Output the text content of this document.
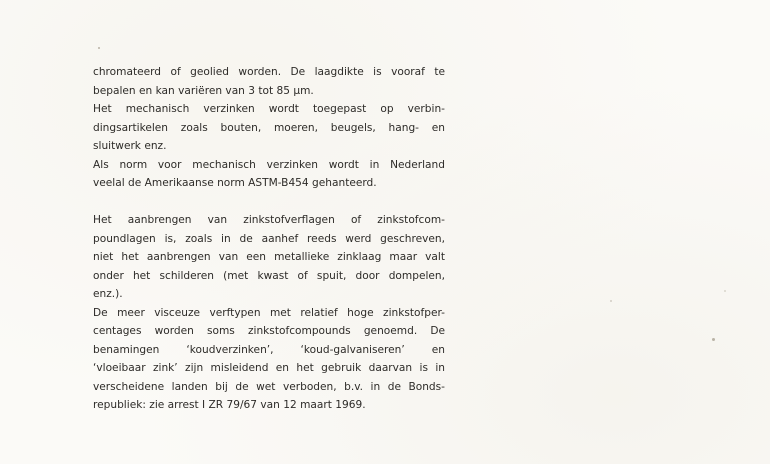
chromateerd of geolied worden. De laagdikte is vooraf te
bepalen en kan variëren van 3 tot 85 μm.
Het mechanisch verzinken wordt toegepast op verbin-
dingsartikelen zoals bouten, moeren, beugels, hang- en
sluitwerk enz.
Als norm voor mechanisch verzinken wordt in Nederland
veelal de Amerikaanse norm ASTM-B454 gehanteerd.
Het aanbrengen van zinkstofverflagen of zinkstofcom-
poundlagen is, zoals in de aanhef reeds werd geschreven,
niet het aanbrengen van een metallieke zinklaag maar valt
onder het schilderen (met kwast of spuit, door dompelen,
enz.).
De meer visceuze verftypen met relatief hoge zinkstofper-
centages worden soms zinkstofcompounds genoemd. De
benamingen ‘koudverzinken’, ‘koud-galvaniseren’ en
‘vloeibaar zink’ zijn misleidend en het gebruik daarvan is in
verscheidene landen bij de wet verboden, b.v. in de Bonds-
republiek: zie arrest I ZR 79/67 van 12 maart 1969.
